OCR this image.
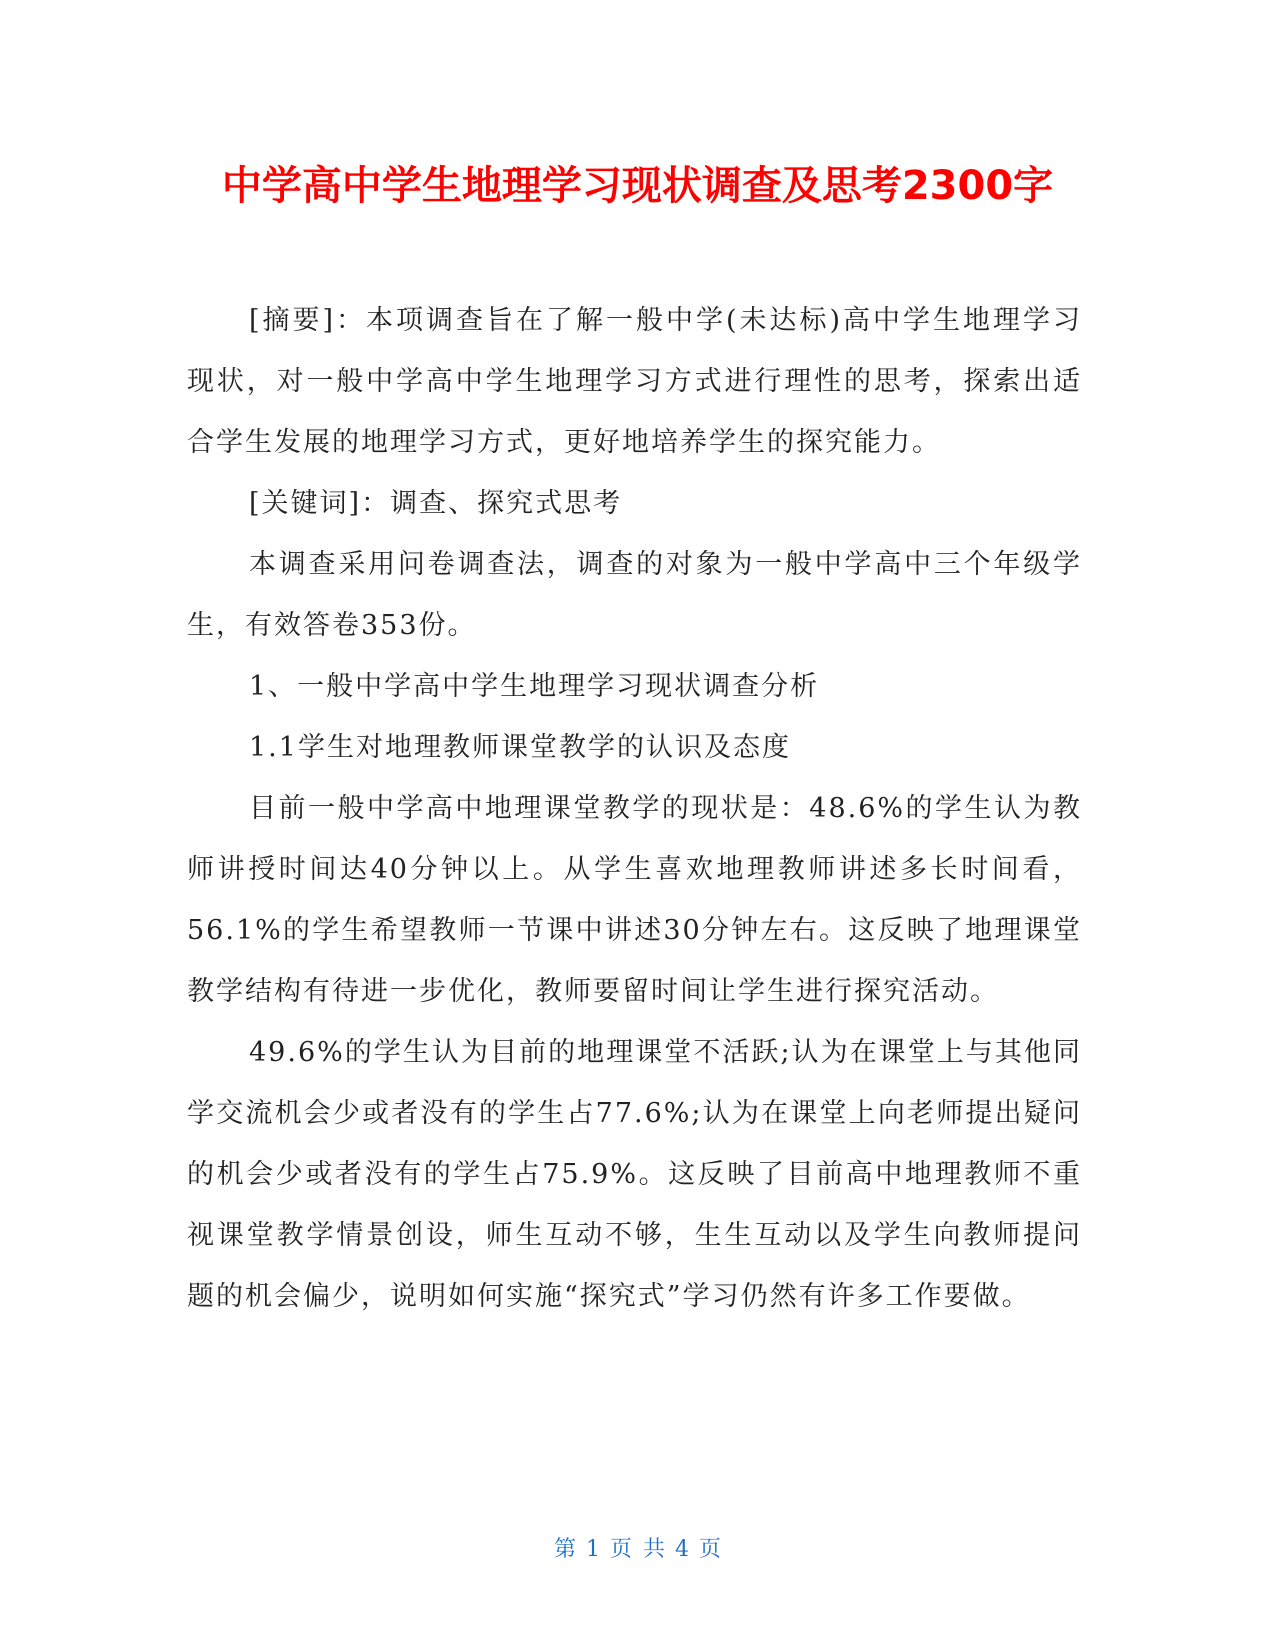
中学高中学生地理学习现状调查及思考2300字

[摘要]：本项调查旨在了解一般中学(未达标)高中学生地理学习现状，对一般中学高中学生地理学习方式进行理性的思考，探索出适合学生发展的地理学习方式，更好地培养学生的探究能力。

[关键词]：调查、探究式思考

本调查采用问卷调查法，调查的对象为一般中学高中三个年级学生，有效答卷353份。

1、一般中学高中学生地理学习现状调查分析

1.1学生对地理教师课堂教学的认识及态度

目前一般中学高中地理课堂教学的现状是：48.6%的学生认为教师讲授时间达40分钟以上。从学生喜欢地理教师讲述多长时间看，56.1%的学生希望教师一节课中讲述30分钟左右。这反映了地理课堂教学结构有待进一步优化，教师要留时间让学生进行探究活动。

49.6%的学生认为目前的地理课堂不活跃;认为在课堂上与其他同学交流机会少或者没有的学生占77.6%;认为在课堂上向老师提出疑问的机会少或者没有的学生占75.9%。这反映了目前高中地理教师不重视课堂教学情景创设，师生互动不够，生生互动以及学生向教师提问题的机会偏少，说明如何实施“探究式”学习仍然有许多工作要做。

第 1 页 共 4 页
